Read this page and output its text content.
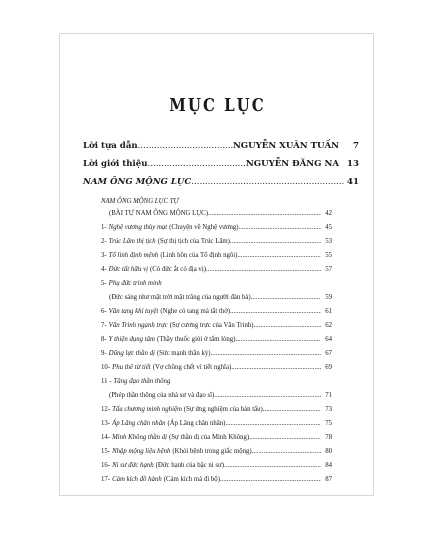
MỤC LỤC
Lời tựa dẫn .....	NGUYỄN XUÂN TUẤN	7
Lời giới thiệu .....	NGUYỄN ĐĂNG NA 13
NAM ÔNG MỘNG LỤC .....	41
NAM ÔNG MỘNG LỤC TỰ
(BÀI TỰ NAM ÔNG MỘNG LỤC) .....	42
1- Nghệ vương thùy mạt (Chuyện về Nghệ vương) .....	45
2- Trúc Lâm thị tịch (Sự thị tịch của Trúc Lâm) .....	53
3- Tổ linh định mệnh (Linh hồn của Tổ định ngôi) .....	55
4- Đức tất hữu vị (Có đức ắt có địa vị) .....	57
5- Phụ đức trinh minh
(Đức sáng như mặt trời mặt trăng của người đàn bà) .....	59
6- Văn tang khí tuyệt (Nghe có tang mà tắt thở) .....	61
7- Văn Trinh ngạnh trực (Sự cương trực của Văn Trinh) .....	62
8- Y thiện dụng tâm (Thầy thuốc giỏi ở tấm lòng) .....	64
9- Dũng lực thần dị (Sức mạnh thần kỳ) .....	67
10- Phu thê tử tiết (Vợ chồng chết vì tiết nghĩa) .....	69
11 - Tăng đạo thần thông
(Phép thần thông của nhà sư và đạo sĩ) .....	71
12- Tấu chương minh nghiệm (Sự ứng nghiệm của bản tấu) .....	73
13- Áp Lãng chân nhân (Áp Lãng chân nhân) .....	75
14- Minh Không thần dị (Sự thần dị của Minh Không) .....	78
15- Nhập mộng liệu bệnh (Khỏi bệnh trong giấc mộng) .....	80
16- Ni sư đức hạnh (Đức hạnh của bậc ni sư) .....	84
17- Cảm kích đồ hành (Cảm kích mà đi bộ) .....	87
